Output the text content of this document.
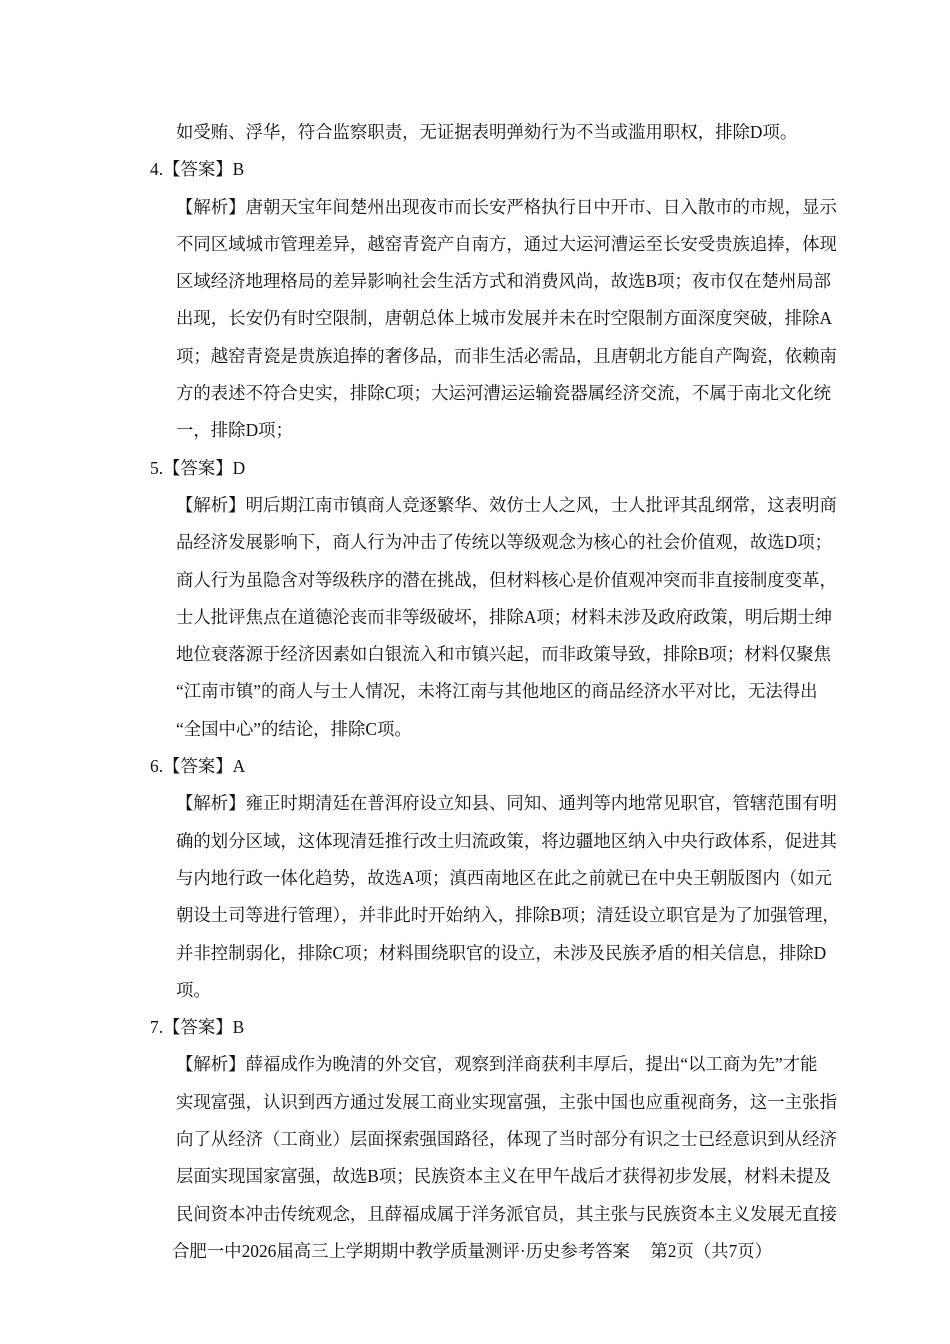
如受贿、浮华，符合监察职责，无证据表明弹劾行为不当或滥用职权，排除D项。
4. 【答案】 B
【解析】唐朝天宝年间楚州出现夜市而长安严格执行日中开市、日入散市的市规，显示
不同区域城市管理差异，越窑青瓷产自南方，通过大运河漕运至长安受贵族追捧，体现
区域经济地理格局的差异影响社会生活方式和消费风尚，故选B项；夜市仅在楚州局部
出现，长安仍有时空限制，唐朝总体上城市发展并未在时空限制方面深度突破，排除A
项；越窑青瓷是贵族追捧的奢侈品，而非生活必需品，且唐朝北方能自产陶瓷，依赖南
方的表述不符合史实，排除C项；大运河漕运运输瓷器属经济交流，不属于南北文化统
一，排除D项；
5. 【答案】 D
【解析】明后期江南市镇商人竞逐繁华、效仿士人之风，士人批评其乱纲常，这表明商
品经济发展影响下，商人行为冲击了传统以等级观念为核心的社会价值观，故选D项；
商人行为虽隐含对等级秩序的潜在挑战，但材料核心是价值观冲突而非直接制度变革，
士人批评焦点在道德沦丧而非等级破坏，排除A项；材料未涉及政府政策，明后期士绅
地位衰落源于经济因素如白银流入和市镇兴起，而非政策导致，排除B项；材料仅聚焦
“江南市镇”的商人与士人情况，未将江南与其他地区的商品经济水平对比，无法得出
“全国中心”的结论，排除C项。
6. 【答案】 A
【解析】雍正时期清廷在普洱府设立知县、同知、通判等内地常见职官，管辖范围有明
确的划分区域，这体现清廷推行改土归流政策，将边疆地区纳入中央行政体系，促进其
与内地行政一体化趋势，故选A项；滇西南地区在此之前就已在中央王朝版图内（如元
朝设土司等进行管理），并非此时开始纳入，排除B项；清廷设立职官是为了加强管理，
并非控制弱化，排除C项；材料围绕职官的设立，未涉及民族矛盾的相关信息，排除D
项。
7. 【答案】 B
【解析】薛福成作为晚清的外交官，观察到洋商获利丰厚后，提出“以工商为先”才能
实现富强，认识到西方通过发展工商业实现富强，主张中国也应重视商务，这一主张指
向了从经济（工商业）层面探索强国路径，体现了当时部分有识之士已经意识到从经济
层面实现国家富强，故选B项；民族资本主义在甲午战后才获得初步发展，材料未提及
民间资本冲击传统观念，且薛福成属于洋务派官员，其主张与民族资本主义发展无直接
合肥一中2026届高三上学期期中教学质量测评·历史参考答案 第2页（共7页）
